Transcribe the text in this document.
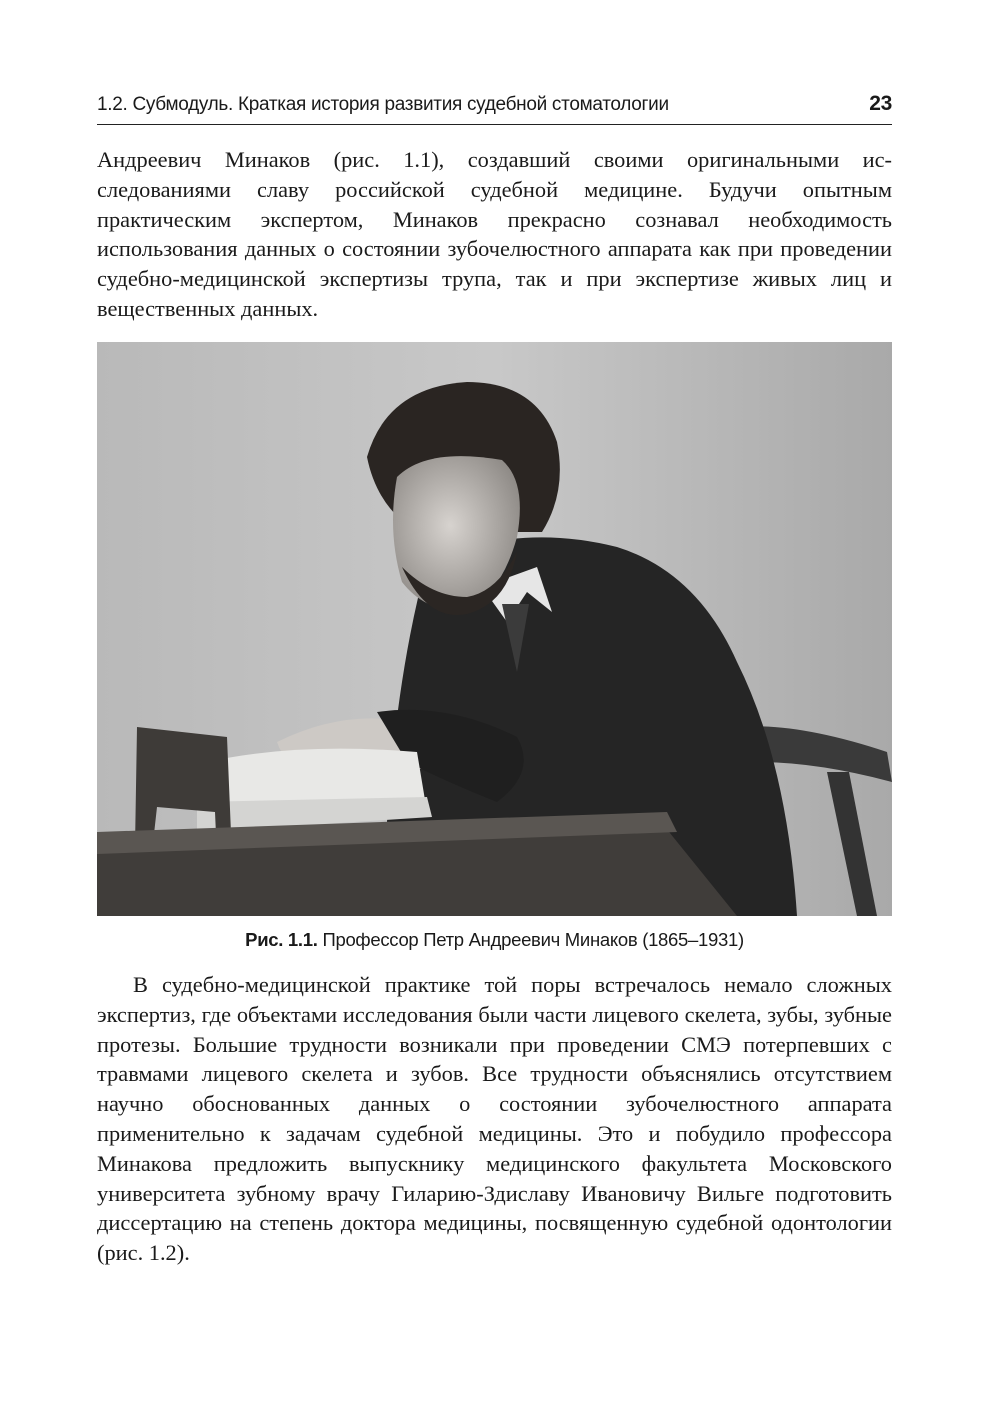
1.2. Субмодуль. Краткая история развития судебной стоматологии	23

Андреевич Минаков (рис. 1.1), создавший своими оригинальными исследованиями славу российской судебной медицине. Будучи опытным практическим экспертом, Минаков прекрасно сознавал необходимость использования данных о состоянии зубочелюстного аппарата как при проведении судебно-медицинской экспертизы трупа, так и при экспертизе живых лиц и вещественных данных.

Рис. 1.1. Профессор Петр Андреевич Минаков (1865–1931)

В судебно-медицинской практике той поры встречалось немало сложных экспертиз, где объектами исследования были части лицевого скелета, зубы, зубные протезы. Большие трудности возникали при проведении СМЭ потерпевших с травмами лицевого скелета и зубов. Все трудности объяснялись отсутствием научно обоснованных данных о состоянии зубочелюстного аппарата применительно к задачам судебной медицины. Это и побудило профессора Минакова предложить выпускнику медицинского факультета Московского университета зубному врачу Гиларию-Здиславу Ивановичу Вильге подготовить диссертацию на степень доктора медицины, посвященную судебной одонтологии (рис. 1.2).
